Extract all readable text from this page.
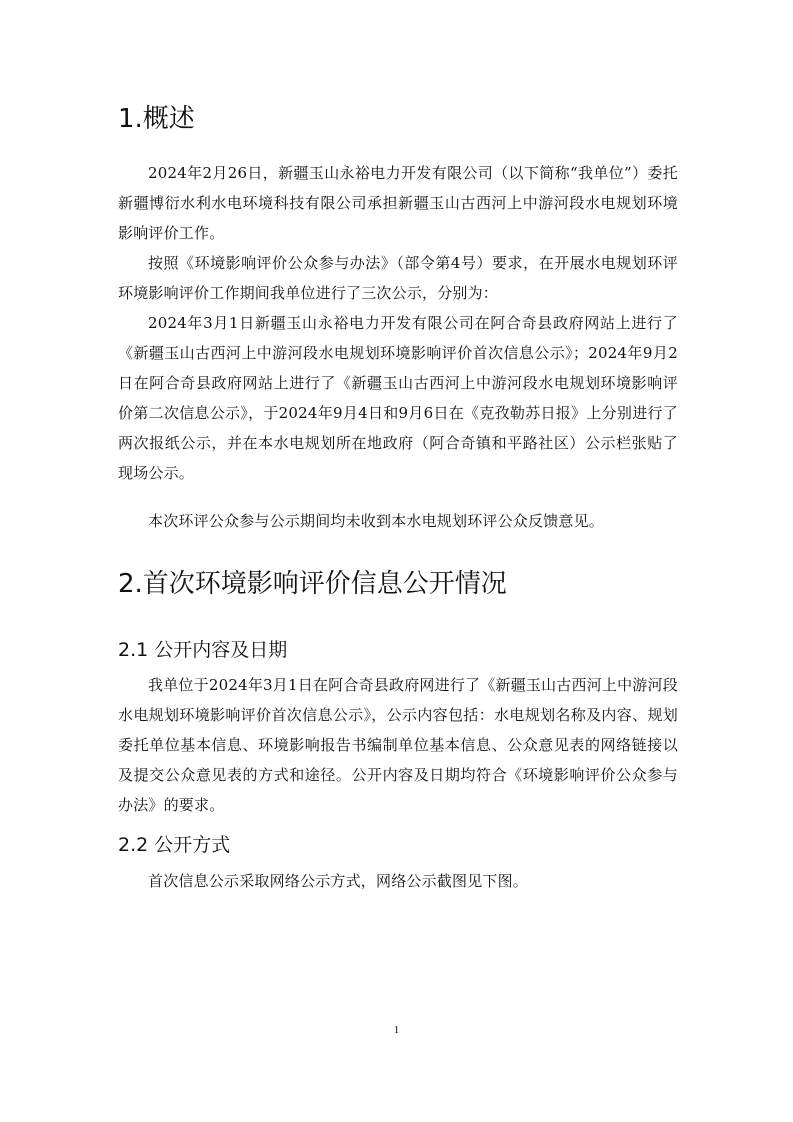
1.概述

2024年2月26日，新疆玉山永裕电力开发有限公司（以下简称“我单位”）委托新疆博衍水利水电环境科技有限公司承担新疆玉山古西河上中游河段水电规划环境影响评价工作。

按照《环境影响评价公众参与办法》（部令第4号）要求，在开展水电规划环评环境影响评价工作期间我单位进行了三次公示，分别为：

2024年3月1日新疆玉山永裕电力开发有限公司在阿合奇县政府网站上进行了《新疆玉山古西河上中游河段水电规划环境影响评价首次信息公示》；2024年9月2日在阿合奇县政府网站上进行了《新疆玉山古西河上中游河段水电规划环境影响评价第二次信息公示》，于2024年9月4日和9月6日在《克孜勒苏日报》上分别进行了两次报纸公示，并在本水电规划所在地政府（阿合奇镇和平路社区）公示栏张贴了现场公示。

本次环评公众参与公示期间均未收到本水电规划环评公众反馈意见。

2.首次环境影响评价信息公开情况
2.1 公开内容及日期

我单位于2024年3月1日在阿合奇县政府网进行了《新疆玉山古西河上中游河段水电规划环境影响评价首次信息公示》，公示内容包括：水电规划名称及内容、规划委托单位基本信息、环境影响报告书编制单位基本信息、公众意见表的网络链接以及提交公众意见表的方式和途径。公开内容及日期均符合《环境影响评价公众参与办法》的要求。

2.2 公开方式

首次信息公示采取网络公示方式，网络公示截图见下图。

1
